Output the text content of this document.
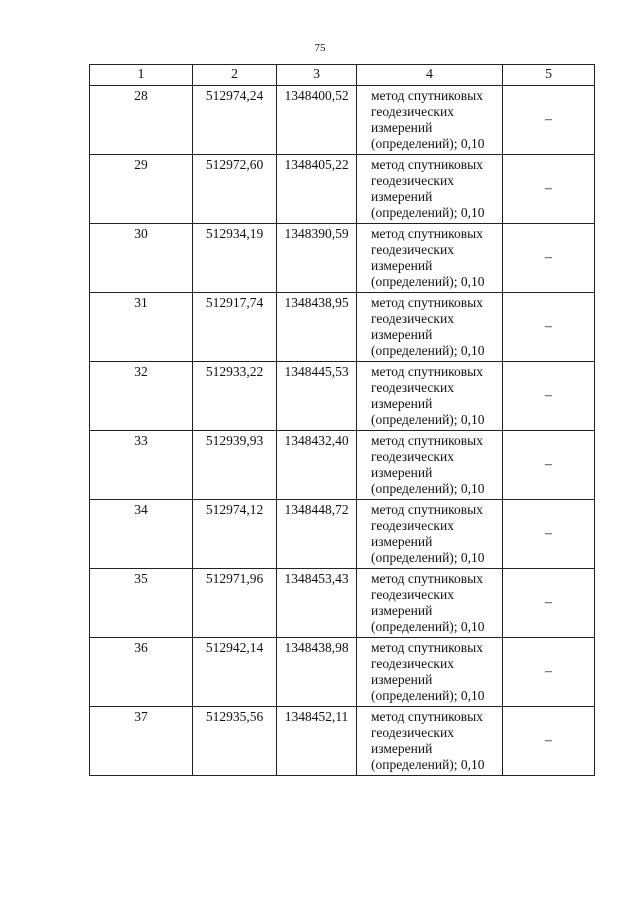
75
1	2	3	4	5
28	512974,24	1348400,52	метод спутниковых
геодезических
измерений
(определений); 0,10	–
29	512972,60	1348405,22	метод спутниковых
геодезических
измерений
(определений); 0,10	–
30	512934,19	1348390,59	метод спутниковых
геодезических
измерений
(определений); 0,10	–
31	512917,74	1348438,95	метод спутниковых
геодезических
измерений
(определений); 0,10	–
32	512933,22	1348445,53	метод спутниковых
геодезических
измерений
(определений); 0,10	–
33	512939,93	1348432,40	метод спутниковых
геодезических
измерений
(определений); 0,10	–
34	512974,12	1348448,72	метод спутниковых
геодезических
измерений
(определений); 0,10	–
35	512971,96	1348453,43	метод спутниковых
геодезических
измерений
(определений); 0,10	–
36	512942,14	1348438,98	метод спутниковых
геодезических
измерений
(определений); 0,10	–
37	512935,56	1348452,11	метод спутниковых
геодезических
измерений
(определений); 0,10	–
